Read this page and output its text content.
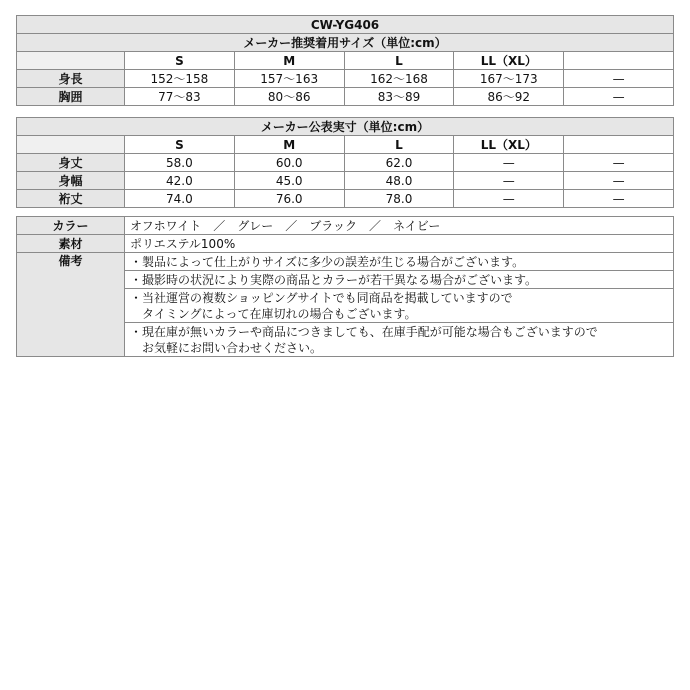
CW-YG406					
メーカー推奨着用サイズ（単位:cm）					
	S	M	L	LL（XL）	
身長	152～158	157～163	162～168	167～173	—
胸囲	77～83	80～86	83～89	86～92	—
メーカー公表実寸（単位:cm）					
	S	M	L	LL（XL）	
身丈	58.0	60.0	62.0	—	—
身幅	42.0	45.0	48.0	—	—
裄丈	74.0	76.0	78.0	—	—
カラー	オフホワイト　／　グレー　／　ブラック　／　ネイビー
素材	ポリエステル100%
備考	・製品によって仕上がりサイズに多少の誤差が生じる場合がございます。
	・撮影時の状況により実際の商品とカラーが若干異なる場合がございます。

	・当社運営の複数ショッピングサイトでも同商品を掲載していますので
　タイミングによって在庫切れの場合もございます。

	・現在庫が無いカラーや商品につきましても、在庫手配が可能な場合もございますので
　お気軽にお問い合わせください。
